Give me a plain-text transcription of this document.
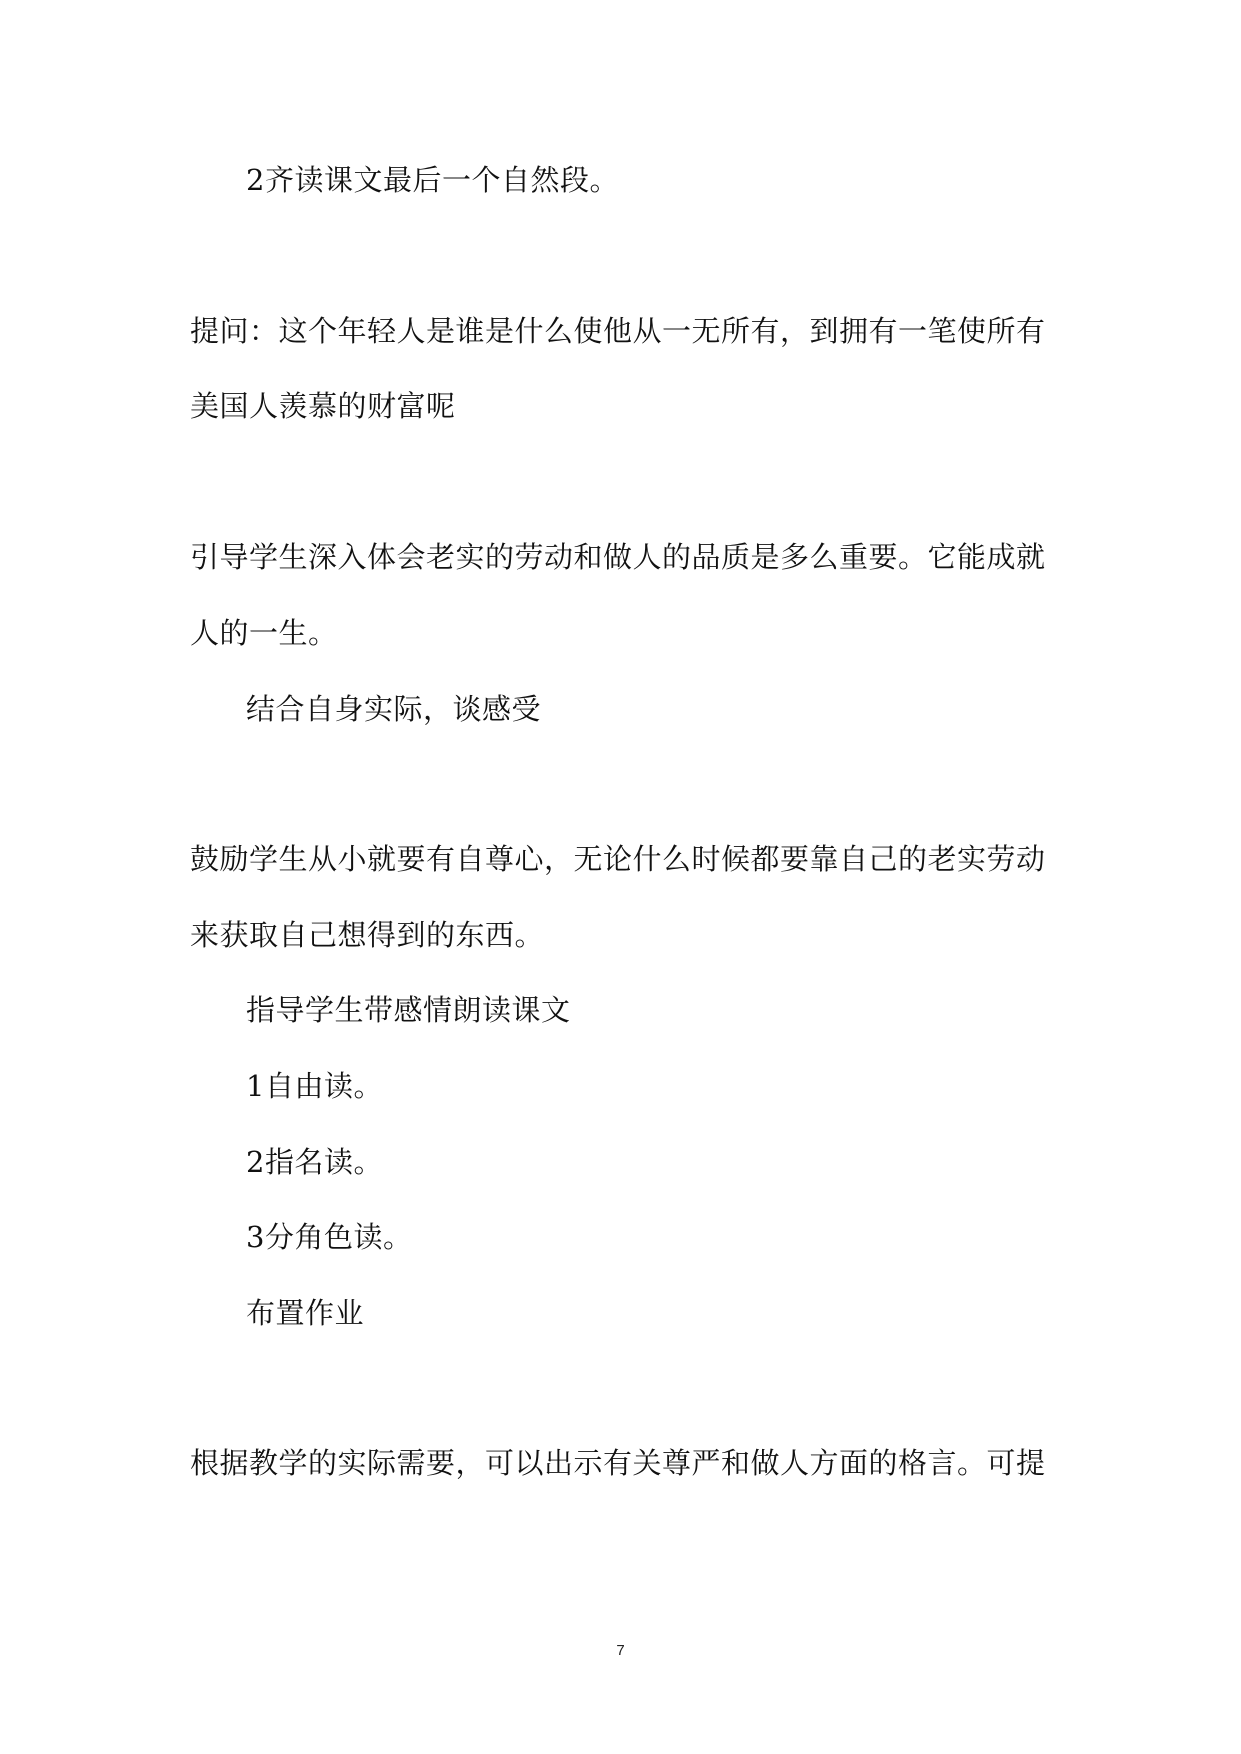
2齐读课文最后一个自然段。
提问：这个年轻人是谁是什么使他从一无所有，到拥有一笔使所有
美国人羡慕的财富呢
引导学生深入体会老实的劳动和做人的品质是多么重要。它能成就
人的一生。
结合自身实际，谈感受
鼓励学生从小就要有自尊心，无论什么时候都要靠自己的老实劳动
来获取自己想得到的东西。
指导学生带感情朗读课文
1自由读。
2指名读。
3分角色读。
布置作业
根据教学的实际需要，可以出示有关尊严和做人方面的格言。可提
7
